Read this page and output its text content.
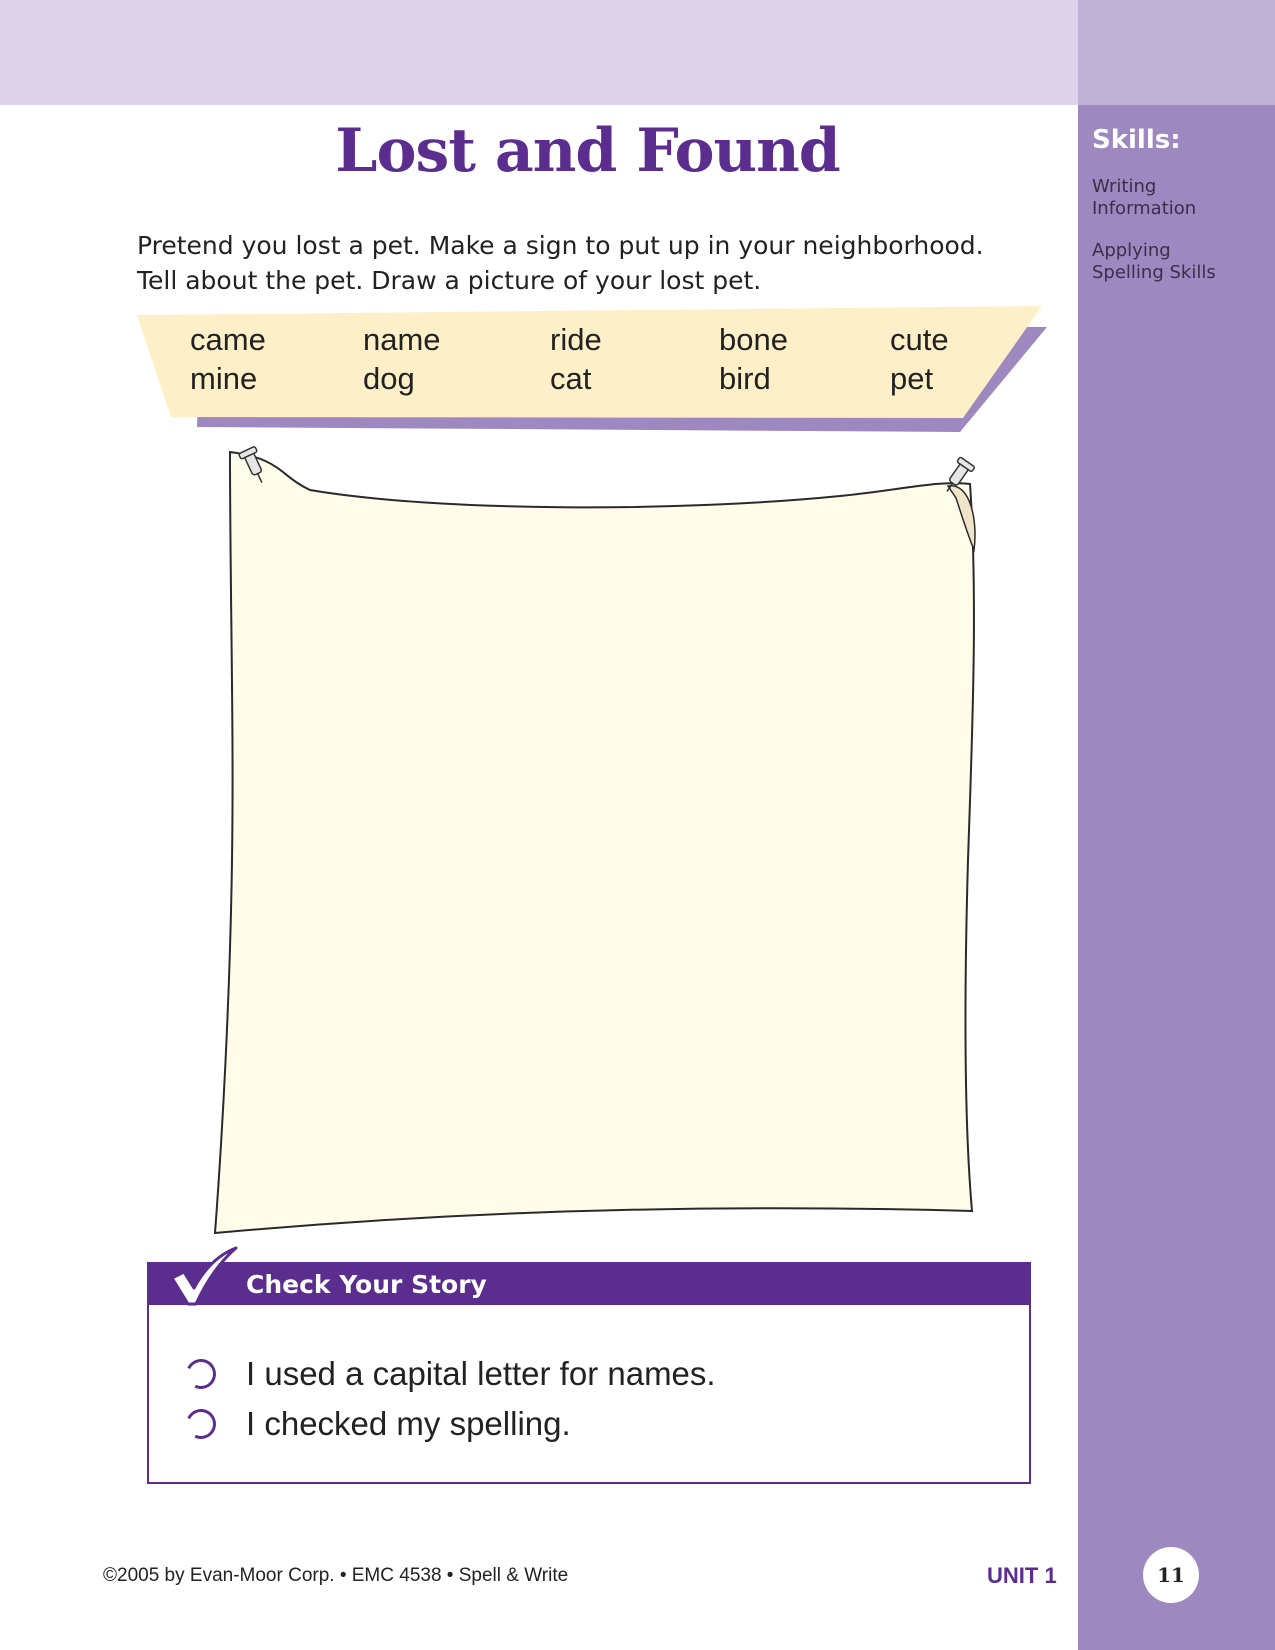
Skills:
Writing
Information
Applying
Spelling Skills
Lost and Found
Pretend you lost a pet. Make a sign to put up in your neighborhood.
Tell about the pet. Draw a picture of your lost pet.
came	name	ride	bone	cute
mine	dog	cat	bird	pet
Check Your Story
I used a capital letter for names.
I checked my spelling.
©2005 by Evan-Moor Corp. • EMC 4538 • Spell & Write	UNIT 1	11
